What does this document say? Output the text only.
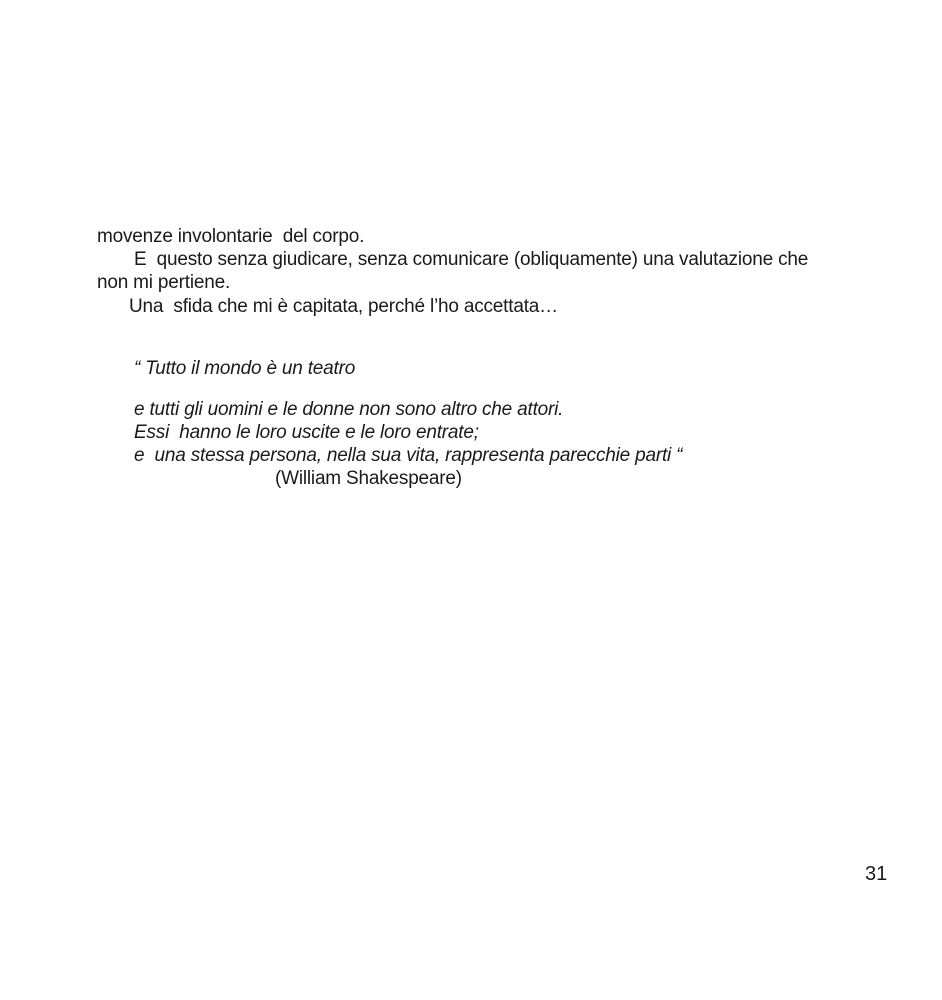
movenze involontarie  del corpo.
E  questo senza giudicare, senza comunicare (obliquamente) una valutazione che
non mi pertiene.
Una  sfida che mi è capitata, perché l’ho accettata…
“ Tutto il mondo è un teatro
e tutti gli uomini e le donne non sono altro che attori.
Essi  hanno le loro uscite e le loro entrate;
e  una stessa persona, nella sua vita, rappresenta parecchie parti “
(William Shakespeare)
31
